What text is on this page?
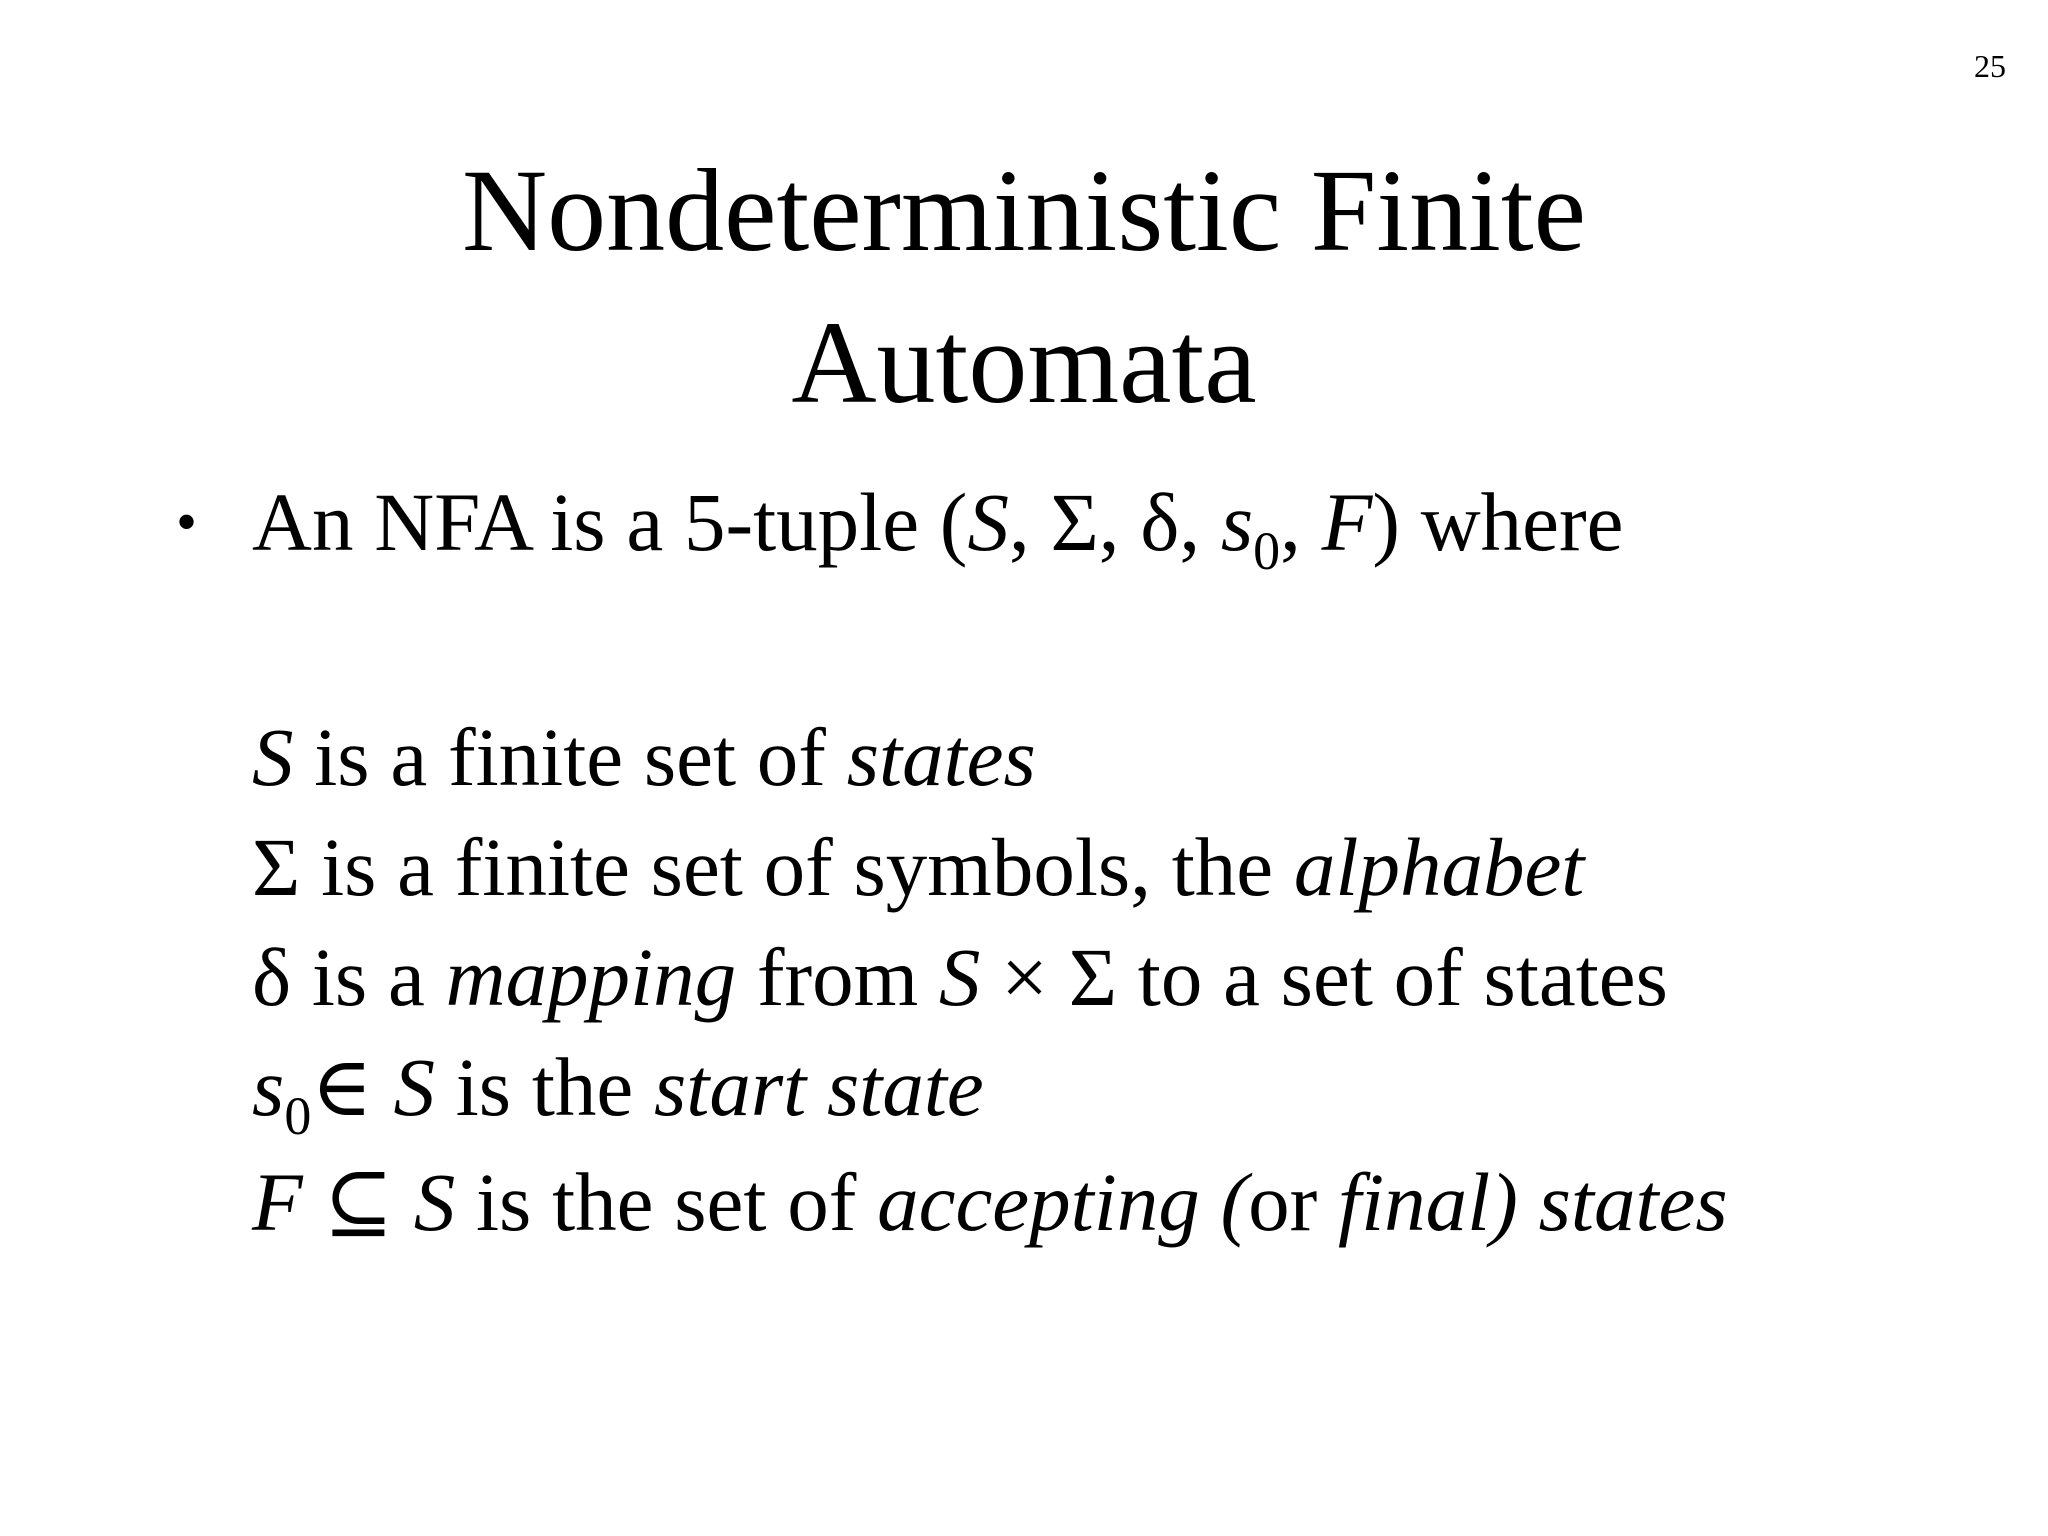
25
Nondeterministic Finite
Automata
• An NFA is a 5-tuple (S, Σ, δ, $s_0$, F) where
S is a finite set of states
Σ is a finite set of symbols, the alphabet
δ is a mapping from S × Σ to a set of states
$s_0\in$ S is the start state
F ⊆ S is the set of accepting (or final) states
